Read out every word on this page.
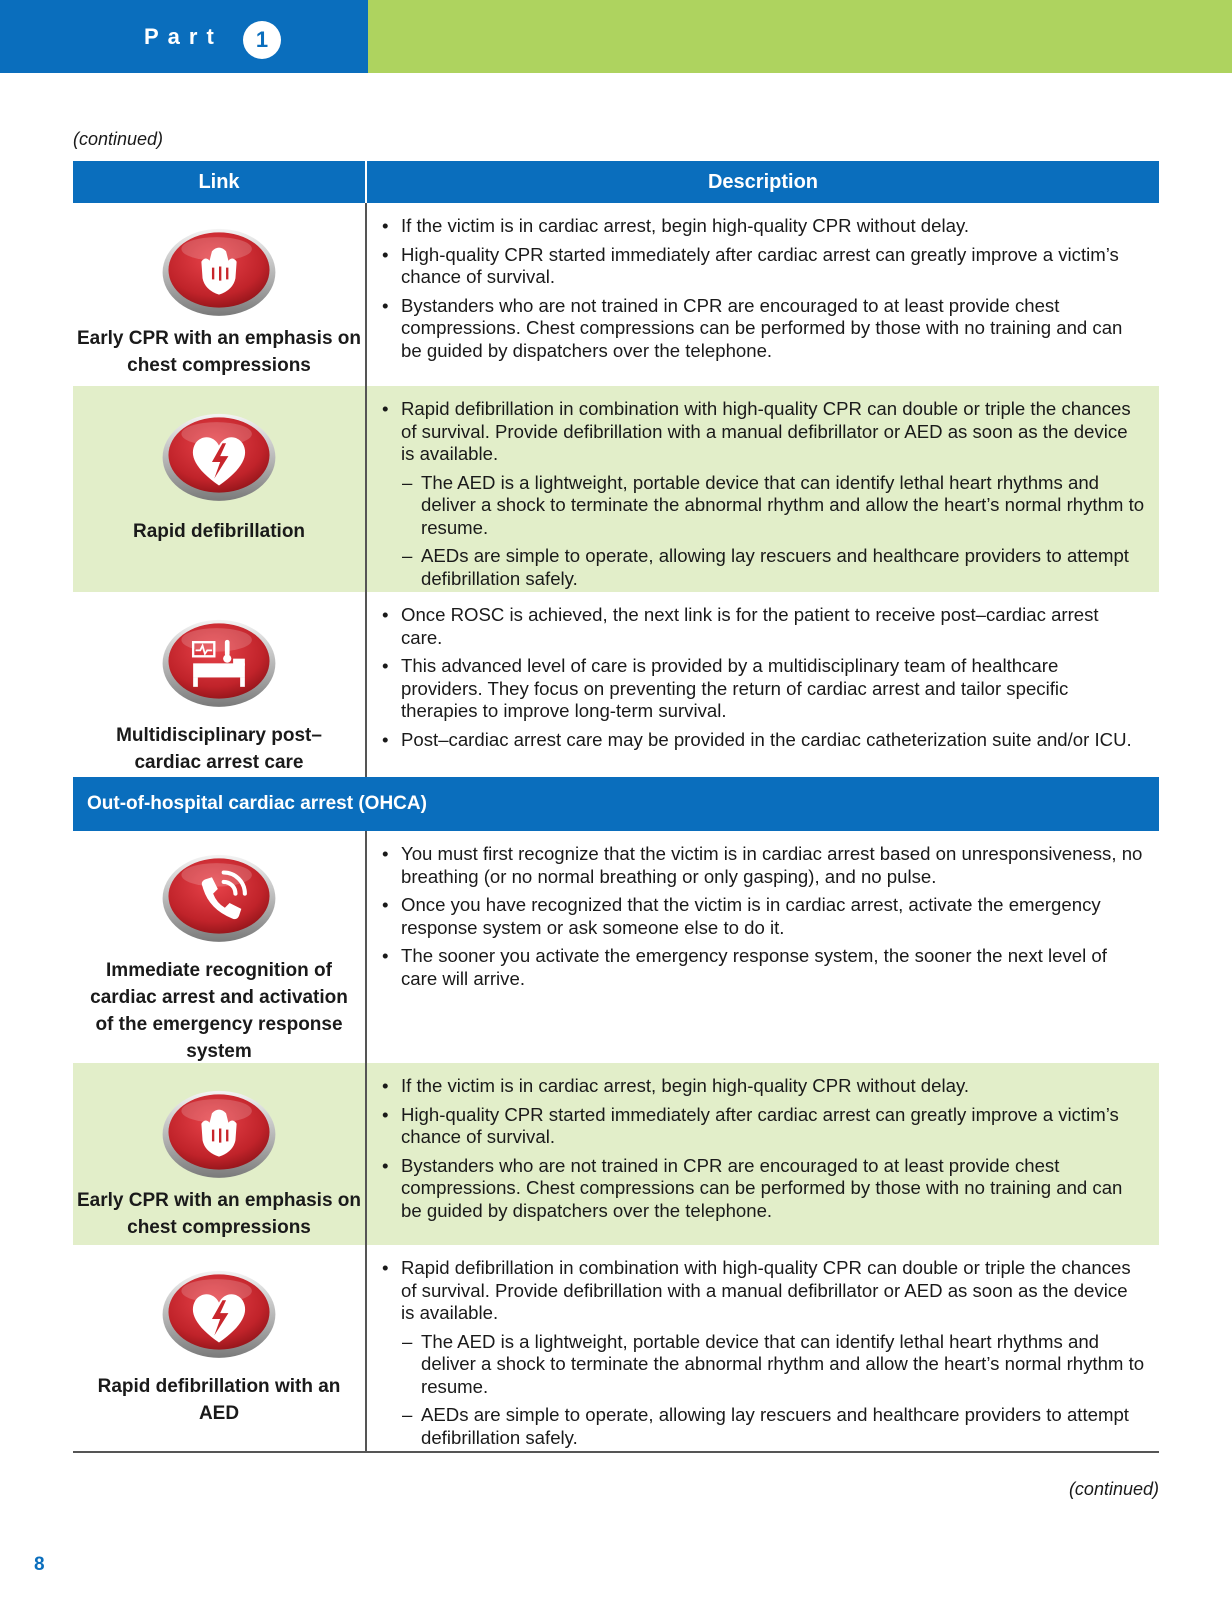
Part	1
(continued)
Link	Description
Early CPR with an emphasis on chest compressions
• If the victim is in cardiac arrest, begin high-quality CPR without delay.
• High-quality CPR started immediately after cardiac arrest can greatly improve a victim’s chance of survival.
• Bystanders who are not trained in CPR are encouraged to at least provide chest compressions. Chest compressions can be performed by those with no training and can be guided by dispatchers over the telephone.
Rapid defibrillation
• Rapid defibrillation in combination with high-quality CPR can double or triple the chances of survival. Provide defibrillation with a manual defibrillator or AED as soon as the device is available.
– The AED is a lightweight, portable device that can identify lethal heart rhythms and deliver a shock to terminate the abnormal rhythm and allow the heart’s normal rhythm to resume.
– AEDs are simple to operate, allowing lay rescuers and healthcare providers to attempt defibrillation safely.
Multidisciplinary post–cardiac arrest care
• Once ROSC is achieved, the next link is for the patient to receive post–cardiac arrest care.
• This advanced level of care is provided by a multidisciplinary team of healthcare providers. They focus on preventing the return of cardiac arrest and tailor specific therapies to improve long-term survival.
• Post–cardiac arrest care may be provided in the cardiac catheterization suite and/or ICU.
Out-of-hospital cardiac arrest (OHCA)
Immediate recognition of cardiac arrest and activation of the emergency response system
• You must first recognize that the victim is in cardiac arrest based on unresponsiveness, no breathing (or no normal breathing or only gasping), and no pulse.
• Once you have recognized that the victim is in cardiac arrest, activate the emergency response system or ask someone else to do it.
• The sooner you activate the emergency response system, the sooner the next level of care will arrive.
Early CPR with an emphasis on chest compressions
• If the victim is in cardiac arrest, begin high-quality CPR without delay.
• High-quality CPR started immediately after cardiac arrest can greatly improve a victim’s chance of survival.
• Bystanders who are not trained in CPR are encouraged to at least provide chest compressions. Chest compressions can be performed by those with no training and can be guided by dispatchers over the telephone.
Rapid defibrillation with an AED
• Rapid defibrillation in combination with high-quality CPR can double or triple the chances of survival. Provide defibrillation with a manual defibrillator or AED as soon as the device is available.
– The AED is a lightweight, portable device that can identify lethal heart rhythms and deliver a shock to terminate the abnormal rhythm and allow the heart’s normal rhythm to resume.
– AEDs are simple to operate, allowing lay rescuers and healthcare providers to attempt defibrillation safely.
(continued)
8
